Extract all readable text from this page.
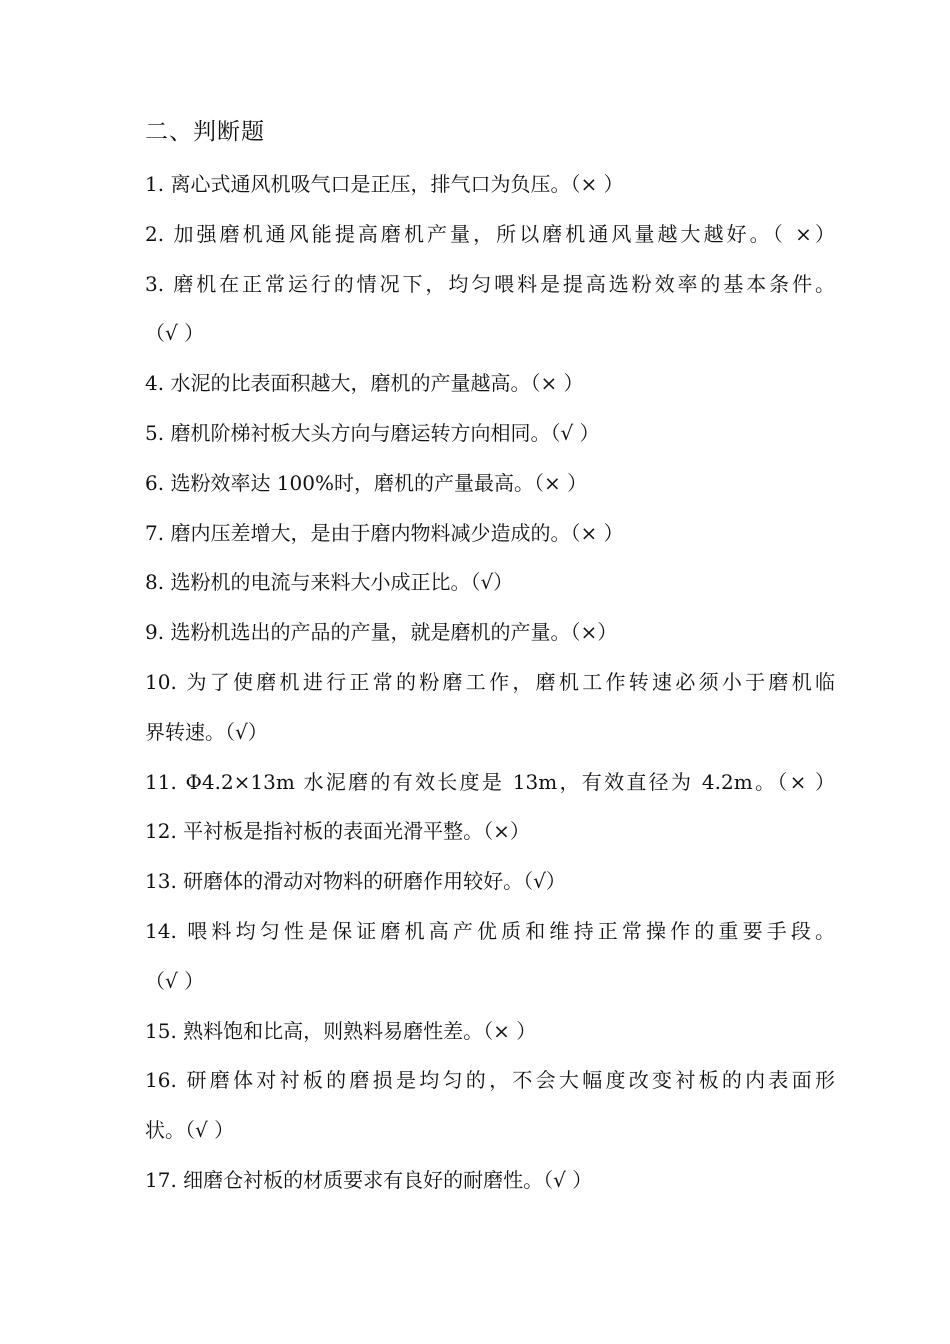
二、判断题

1. 离心式通风机吸气口是正压，排气口为负压。（× ）

2. 加强磨机通风能提高磨机产量，所以磨机通风量越大越好。（ ×）

3. 磨机在正常运行的情况下，均匀喂料是提高选粉效率的基本条件。

（√ ）

4. 水泥的比表面积越大，磨机的产量越高。（× ）

5. 磨机阶梯衬板大头方向与磨运转方向相同。（√ ）

6. 选粉效率达 100%时，磨机的产量最高。（× ）

7. 磨内压差增大，是由于磨内物料减少造成的。（× ）

8. 选粉机的电流与来料大小成正比。（√）

9. 选粉机选出的产品的产量，就是磨机的产量。（×）

10. 为了使磨机进行正常的粉磨工作，磨机工作转速必须小于磨机临

界转速。（√）

11. Φ4.2×13m 水泥磨的有效长度是 13m，有效直径为 4.2m。（× ）

12. 平衬板是指衬板的表面光滑平整。（×）

13. 研磨体的滑动对物料的研磨作用较好。（√）

14. 喂料均匀性是保证磨机高产优质和维持正常操作的重要手段。

（√ ）

15. 熟料饱和比高，则熟料易磨性差。（× ）

16. 研磨体对衬板的磨损是均匀的，不会大幅度改变衬板的内表面形

状。（√ ）

17. 细磨仓衬板的材质要求有良好的耐磨性。（√ ）
